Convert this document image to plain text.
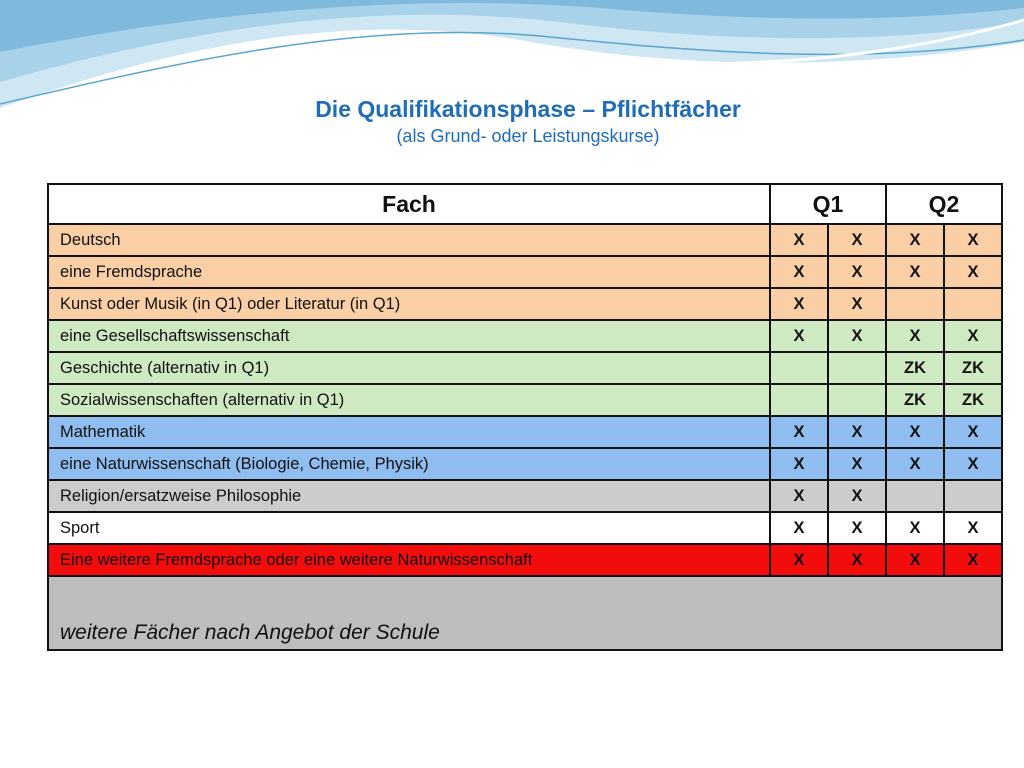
Die Qualifikationsphase – Pflichtfächer
(als Grund- oder Leistungskurse)
Fach	Q1		Q2	
Deutsch	X	X	X	X
eine Fremdsprache	X	X	X	X
Kunst oder Musik (in Q1) oder Literatur (in Q1)	X	X		
eine Gesellschaftswissenschaft	X	X	X	X
Geschichte (alternativ in Q1)			ZK	ZK
Sozialwissenschaften (alternativ in Q1)			ZK	ZK
Mathematik	X	X	X	X
eine Naturwissenschaft (Biologie, Chemie, Physik)	X	X	X	X
Religion/ersatzweise Philosophie	X	X		
Sport	X	X	X	X
Eine weitere Fremdsprache oder eine weitere Naturwissenschaft	X	X	X	X
weitere Fächer nach Angebot der Schule				
